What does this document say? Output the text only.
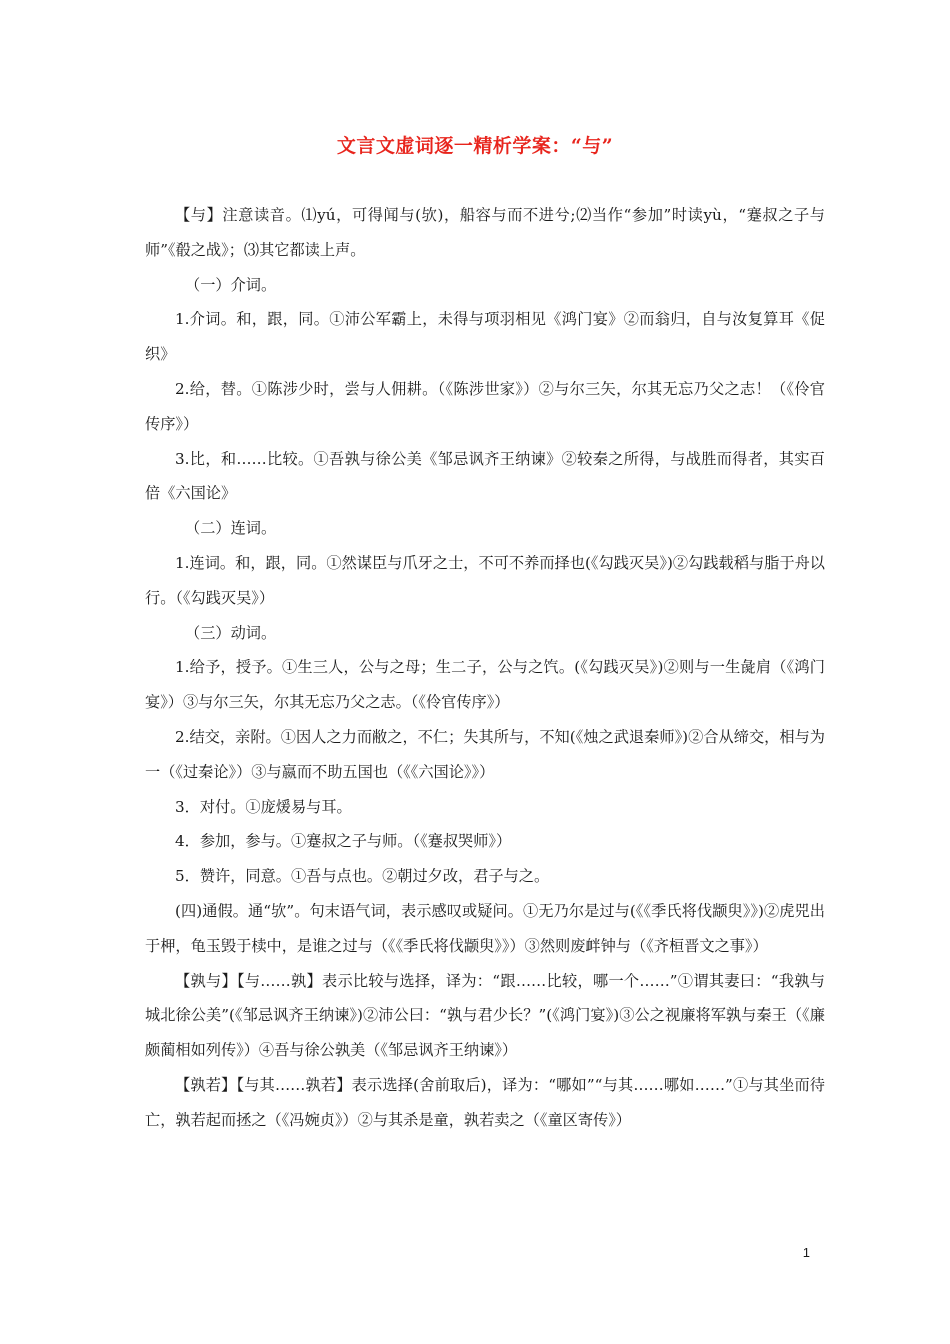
文言文虚词逐一精析学案：“与”

【与】注意读音。⑴yú，可得闻与(欤)，船容与而不进兮;⑵当作“参加”时读yù，“蹇叔之子与师”《殽之战》；⑶其它都读上声。

（一）介词。

1.介词。和，跟，同。①沛公军霸上，未得与项羽相见《鸿门宴》②而翁归，自与汝复算耳《促织》

2.给，替。①陈涉少时，尝与人佣耕。（《陈涉世家》）②与尔三矢，尔其无忘乃父之志！（《伶官传序》）

3.比，和……比较。①吾孰与徐公美《邹忌讽齐王纳谏》②较秦之所得，与战胜而得者，其实百倍《六国论》

（二）连词。

1.连词。和，跟，同。①然谋臣与爪牙之士，不可不养而择也(《勾践灭吴》)②勾践载稻与脂于舟以行。（《勾践灭吴》）

（三）动词。

1.给予，授予。①生三人，公与之母；生二子，公与之饩。(《勾践灭吴》)②则与一生彘肩（《鸿门宴》）③与尔三矢，尔其无忘乃父之志。（《伶官传序》）

2.结交，亲附。①因人之力而敝之，不仁；失其所与，不知(《烛之武退秦师》)②合从缔交，相与为一（《过秦论》）③与嬴而不助五国也（《《六国论》》）

3．对付。①庞煖易与耳。

4．参加，参与。①蹇叔之子与师。（《蹇叔哭师》）

5．赞许，同意。①吾与点也。②朝过夕改，君子与之。

(四)通假。通“欤”。句末语气词，表示感叹或疑问。①无乃尔是过与(《《季氏将伐颛臾》》)②虎兕出于柙，龟玉毁于椟中，是谁之过与（《《季氏将伐颛臾》》）③然则废衅钟与（《齐桓晋文之事》）

【孰与】【与……孰】表示比较与选择，译为：“跟……比较，哪一个……”①谓其妻曰：“我孰与城北徐公美”(《邹忌讽齐王纳谏》)②沛公曰：“孰与君少长？”(《鸿门宴》)③公之视廉将军孰与秦王（《廉颇蔺相如列传》）④吾与徐公孰美（《邹忌讽齐王纳谏》）

【孰若】【与其……孰若】表示选择(舍前取后)，译为：“哪如”“与其……哪如……”①与其坐而待亡，孰若起而拯之（《冯婉贞》）②与其杀是童，孰若卖之（《童区寄传》）

1
